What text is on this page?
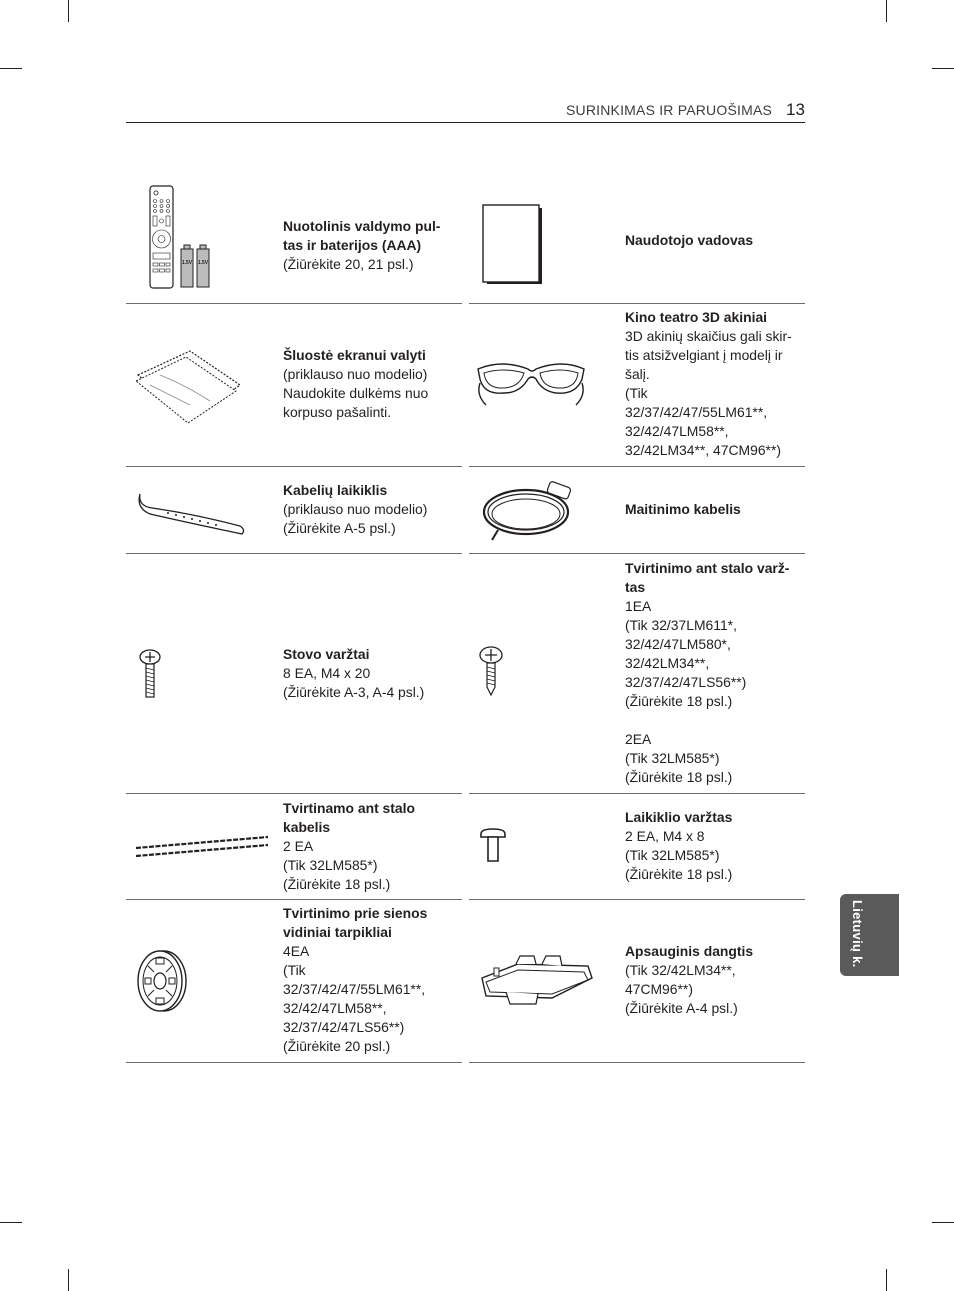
SURINKIMAS IR PARUOŠIMAS 13
1.5V 1.5V
Nuotolinis valdymo pul-
tas ir baterijos (AAA)
(Žiūrėkite 20, 21 psl.)
Naudotojo vadovas
Šluostė ekranui valyti
(priklauso nuo modelio)
Naudokite dulkėms nuo
korpuso pašalinti.
Kino teatro 3D akiniai
3D akinių skaičius gali skir-
tis atsižvelgiant į modelį ir
šalį.
(Tik
32/37/42/47/55LM61**,
32/42/47LM58**,
32/42LM34**, 47CM96**)
Kabelių laikiklis
(priklauso nuo modelio)
(Žiūrėkite A-5 psl.)
Maitinimo kabelis
Stovo varžtai
8 EA, M4 x 20
(Žiūrėkite A-3, A-4 psl.)
Tvirtinimo ant stalo varž-
tas
1EA
(Tik 32/37LM611*,
32/42/47LM580*,
32/42LM34**,
32/37/42/47LS56**)
(Žiūrėkite 18 psl.)
2EA
(Tik 32LM585*)
(Žiūrėkite 18 psl.)
Tvirtinamo ant stalo
kabelis
2 EA
(Tik 32LM585*)
(Žiūrėkite 18 psl.)
Laikiklio varžtas
2 EA, M4 x 8
(Tik 32LM585*)
(Žiūrėkite 18 psl.)
Tvirtinimo prie sienos
vidiniai tarpikliai
4EA
(Tik
32/37/42/47/55LM61**,
32/42/47LM58**,
32/37/42/47LS56**)
(Žiūrėkite 20 psl.)
Apsauginis dangtis
(Tik 32/42LM34**,
47CM96**)
(Žiūrėkite A-4 psl.)
Lietuvių k.
